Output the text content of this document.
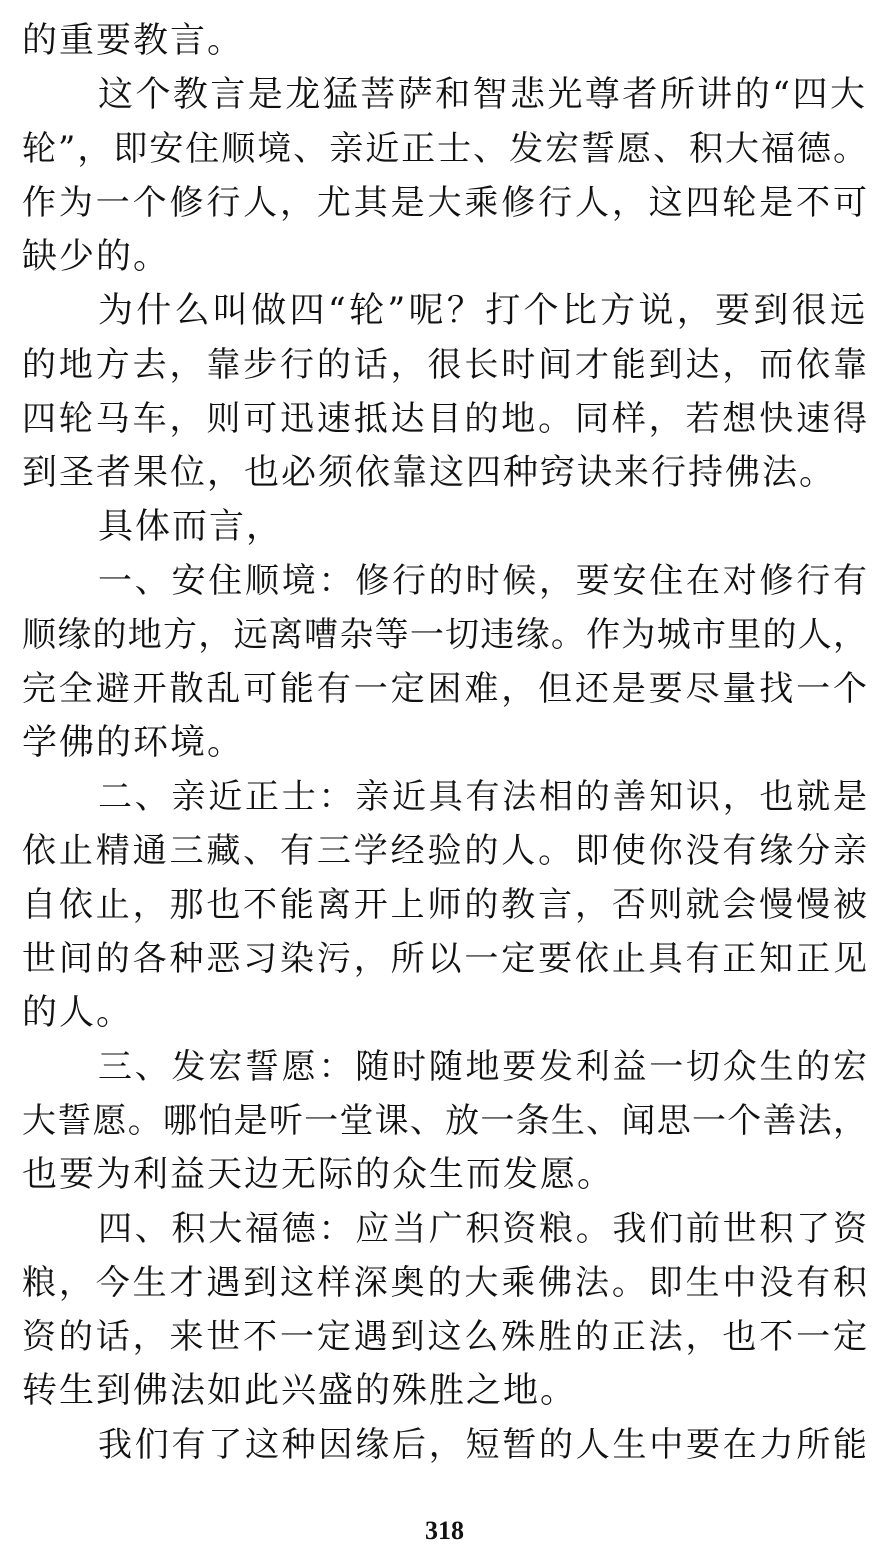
的重要教言。
这个教言是龙猛菩萨和智悲光尊者所讲的“四大
轮”，即安住顺境、亲近正士、发宏誓愿、积大福德。
作为一个修行人，尤其是大乘修行人，这四轮是不可
缺少的。
为什么叫做四“轮”呢？打个比方说，要到很远
的地方去，靠步行的话，很长时间才能到达，而依靠
四轮马车，则可迅速抵达目的地。同样，若想快速得
到圣者果位，也必须依靠这四种窍诀来行持佛法。
具体而言，
一、安住顺境：修行的时候，要安住在对修行有
顺缘的地方，远离嘈杂等一切违缘。作为城市里的人，
完全避开散乱可能有一定困难，但还是要尽量找一个
学佛的环境。
二、亲近正士：亲近具有法相的善知识，也就是
依止精通三藏、有三学经验的人。即使你没有缘分亲
自依止，那也不能离开上师的教言，否则就会慢慢被
世间的各种恶习染污，所以一定要依止具有正知正见
的人。
三、发宏誓愿：随时随地要发利益一切众生的宏
大誓愿。哪怕是听一堂课、放一条生、闻思一个善法，
也要为利益天边无际的众生而发愿。
四、积大福德：应当广积资粮。我们前世积了资
粮，今生才遇到这样深奥的大乘佛法。即生中没有积
资的话，来世不一定遇到这么殊胜的正法，也不一定
转生到佛法如此兴盛的殊胜之地。
我们有了这种因缘后，短暂的人生中要在力所能
318
